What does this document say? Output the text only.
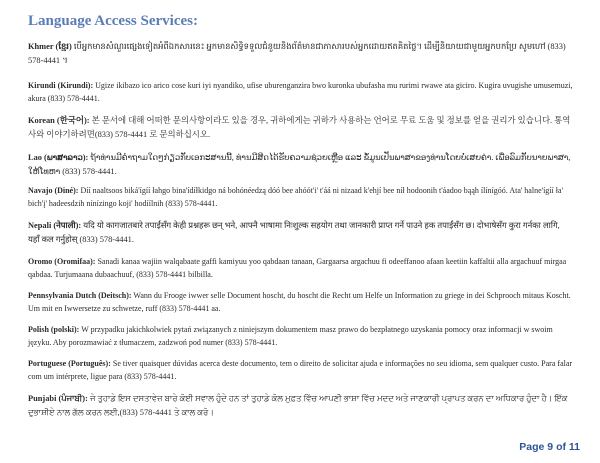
Language Access Services:

Khmer (ខ្មែរ) បើអ្នកមានសំណួរផ្សេងទៀតអំពីឯកសារនេះ អ្នកមានសិទ្ធិទទួលជំនួយនិងព័ត៌មានជាភាសារបស់អ្នកដោយឥតគិតថ្លៃ។ ដើម្បីនិយាយជាមួយអ្នកបកប្រែ សូមហៅ (833) 578-4441 ។

Kirundi (Kirundi): Ugize ikibazo ico arico cose kuri iyi nyandiko, ufise uburenganzira bwo kuronka ubufasha mu rurimi rwawe ata giciro. Kugira uvugishe umusemuzi, akura (833) 578-4441.

Korean (한국어): 본 문서에 대해 어떠한 문의사항이라도 있을 경우, 귀하에게는 귀하가 사용하는 언어로 무료 도움 및 정보를 얻을 권리가 있습니다. 통역사와 이야기하려면(833) 578-4441 로 문의하십시오.

Lao (ພາສາລາວ): ຖ້າທ່ານມີຄຳຖາມໃດໆກ່ຽວກັບເອກະສານນີ້, ທ່ານມີສິດໄດ້ຮັບຄວາມຊ່ວຍເຫຼືອ ແລະ ຂໍ້ມູນເປັນພາສາຂອງທ່ານໂດຍບໍ່ເສຍຄ່າ. ເພື່ອລົມກັບນາຍພາສາ, ໃຫ້ໂທຫາ (833) 578-4441.

Navajo (Diné): Díí naaltsoos biká'ígíí łahgo bina'ídíłkidgo ná bohónéedzą dóó bee ahóót'i' t'áá ni nizaad k'ehjí bee níł hodoonih t'áadoo bąąh ílínígóó. Ata' halne'ígíí ła' bich'į' hadeesdzih nínízingo koji' hodíílnih (833) 578-4441.

Nepali (नेपाली): यदि यो कागजातबारे तपाईंसँग केही प्रश्नहरू छन् भने, आफ्नै भाषामा निःशुल्क सहयोग तथा जानकारी प्राप्त गर्ने पाउने हक तपाईंसँग छ। दोभाषेसँग कुरा गर्नका लागि, यहाँ कल गर्नुहोस् (833) 578-4441.

Oromo (Oromifaa): Sanadi kanaa wajiin walqabaate gaffi kamiyuu yoo qabdaan tanaan, Gargaarsa argachuu fi odeeffanoo afaan keetiin kaffaltii alla argachuuf mirgaa qabdaa. Turjumaana dubaachuuf, (833) 578-4441 bilbilla.

Pennsylvania Dutch (Deitsch): Wann du Frooge iwwer selle Document hoscht, du hoscht die Recht um Helfe un Information zu griege in dei Schprooch mitaus Koscht. Um mit en Iwwersetze zu schwetze, ruff (833) 578-4441 aa.

Polish (polski): W przypadku jakichkolwiek pytań związanych z niniejszym dokumentem masz prawo do bezpłatnego uzyskania pomocy oraz informacji w swoim języku. Aby porozmawiać z tłumaczem, zadzwoń pod numer (833) 578-4441.

Portuguese (Português): Se tiver quaisquer dúvidas acerca deste documento, tem o direito de solicitar ajuda e informações no seu idioma, sem qualquer custo. Para falar com um intérprete, ligue para (833) 578-4441.

Punjabi (ਪੰਜਾਬੀ): ਜੇ ਤੁਹਾਡੇ ਇਸ ਦਸਤਾਵੇਜ਼ ਬਾਰੇ ਕੋਈ ਸਵਾਲ ਹੁੰਦੇ ਹਨ ਤਾਂ ਤੁਹਾਡੇ ਕੋਲ ਮੁਫ਼ਤ ਵਿੱਚ ਆਪਣੀ ਭਾਸ਼ਾ ਵਿੱਚ ਮਦਦ ਅਤੇ ਜਾਣਕਾਰੀ ਪ੍ਰਾਪਤ ਕਰਨ ਦਾ ਅਧਿਕਾਰ ਹੁੰਦਾ ਹੈ। ਇੱਕ ਦੁਭਾਸ਼ੀਏ ਨਾਲ ਗੱਲ ਕਰਨ ਲਈ,(833) 578-4441 ਤੇ ਕਾਲ ਕਰੋ।

Page 9 of 11
